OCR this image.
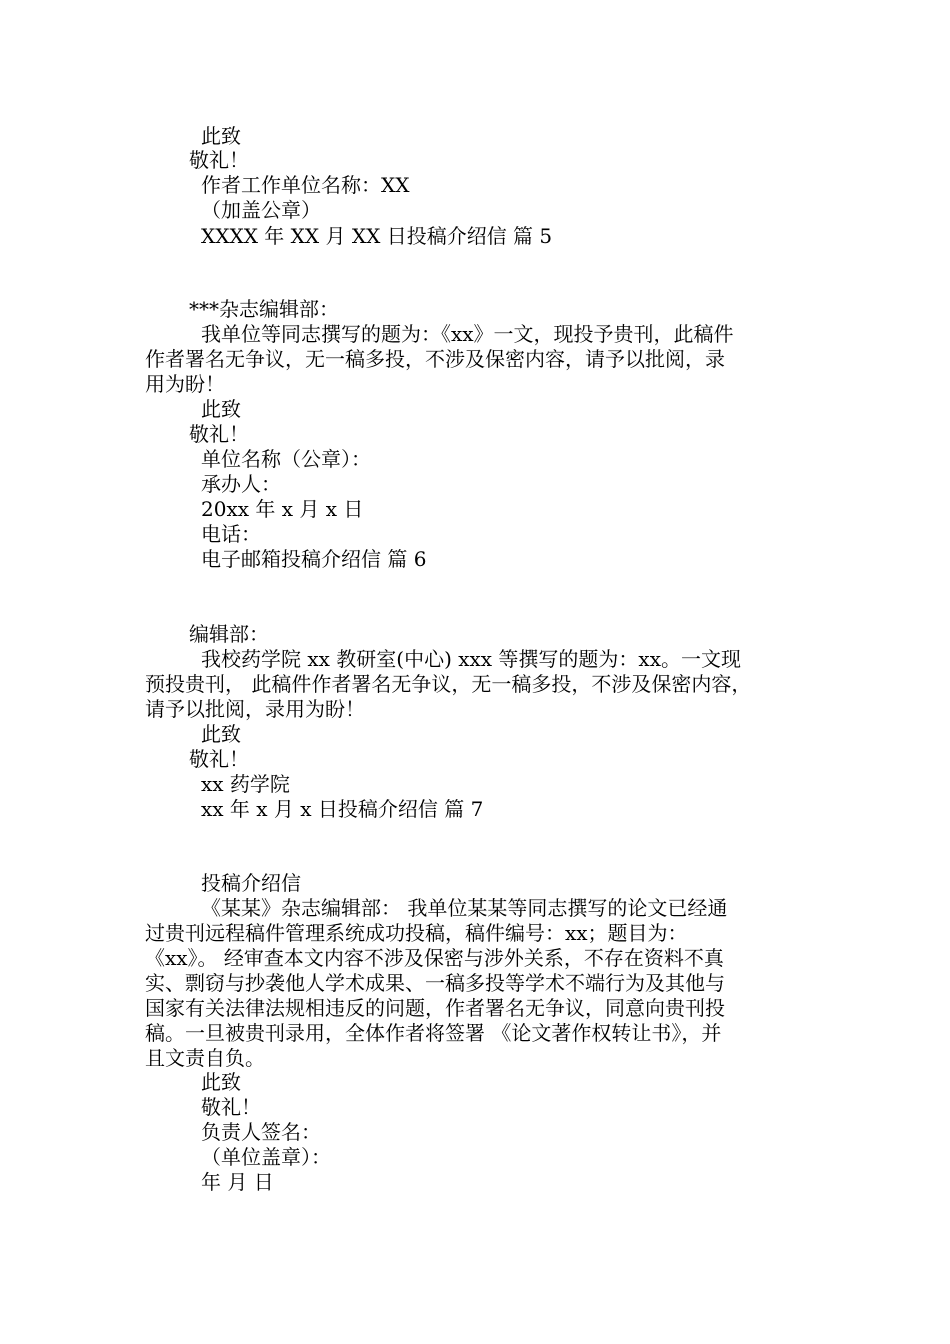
此致
敬礼！
作者工作单位名称：XX
（加盖公章）
XXXX 年 XX 月 XX 日投稿介绍信 篇 5
***杂志编辑部：
我单位等同志撰写的题为：《xx》一文，现投予贵刊，此稿件
作者署名无争议，无一稿多投，不涉及保密内容，请予以批阅，录
用为盼！
此致
敬礼！
单位名称（公章）：
承办人：
20xx 年 x 月 x 日
电话：
电子邮箱投稿介绍信 篇 6
编辑部：
我校药学院 xx 教研室(中心) xxx 等撰写的题为：xx。一文现
预投贵刊， 此稿件作者署名无争议，无一稿多投，不涉及保密内容，
请予以批阅，录用为盼！
此致
敬礼！
xx 药学院
xx 年 x 月 x 日投稿介绍信 篇 7
投稿介绍信
《某某》杂志编辑部： 我单位某某等同志撰写的论文已经通
过贵刊远程稿件管理系统成功投稿，稿件编号：xx；题目为：
《xx》。 经审查本文内容不涉及保密与涉外关系，不存在资料不真
实、剽窃与抄袭他人学术成果、一稿多投等学术不端行为及其他与
国家有关法律法规相违反的问题，作者署名无争议，同意向贵刊投
稿。一旦被贵刊录用，全体作者将签署 《论文著作权转让书》，并
且文责自负。
此致
敬礼！
负责人签名：
（单位盖章）：
年 月 日
